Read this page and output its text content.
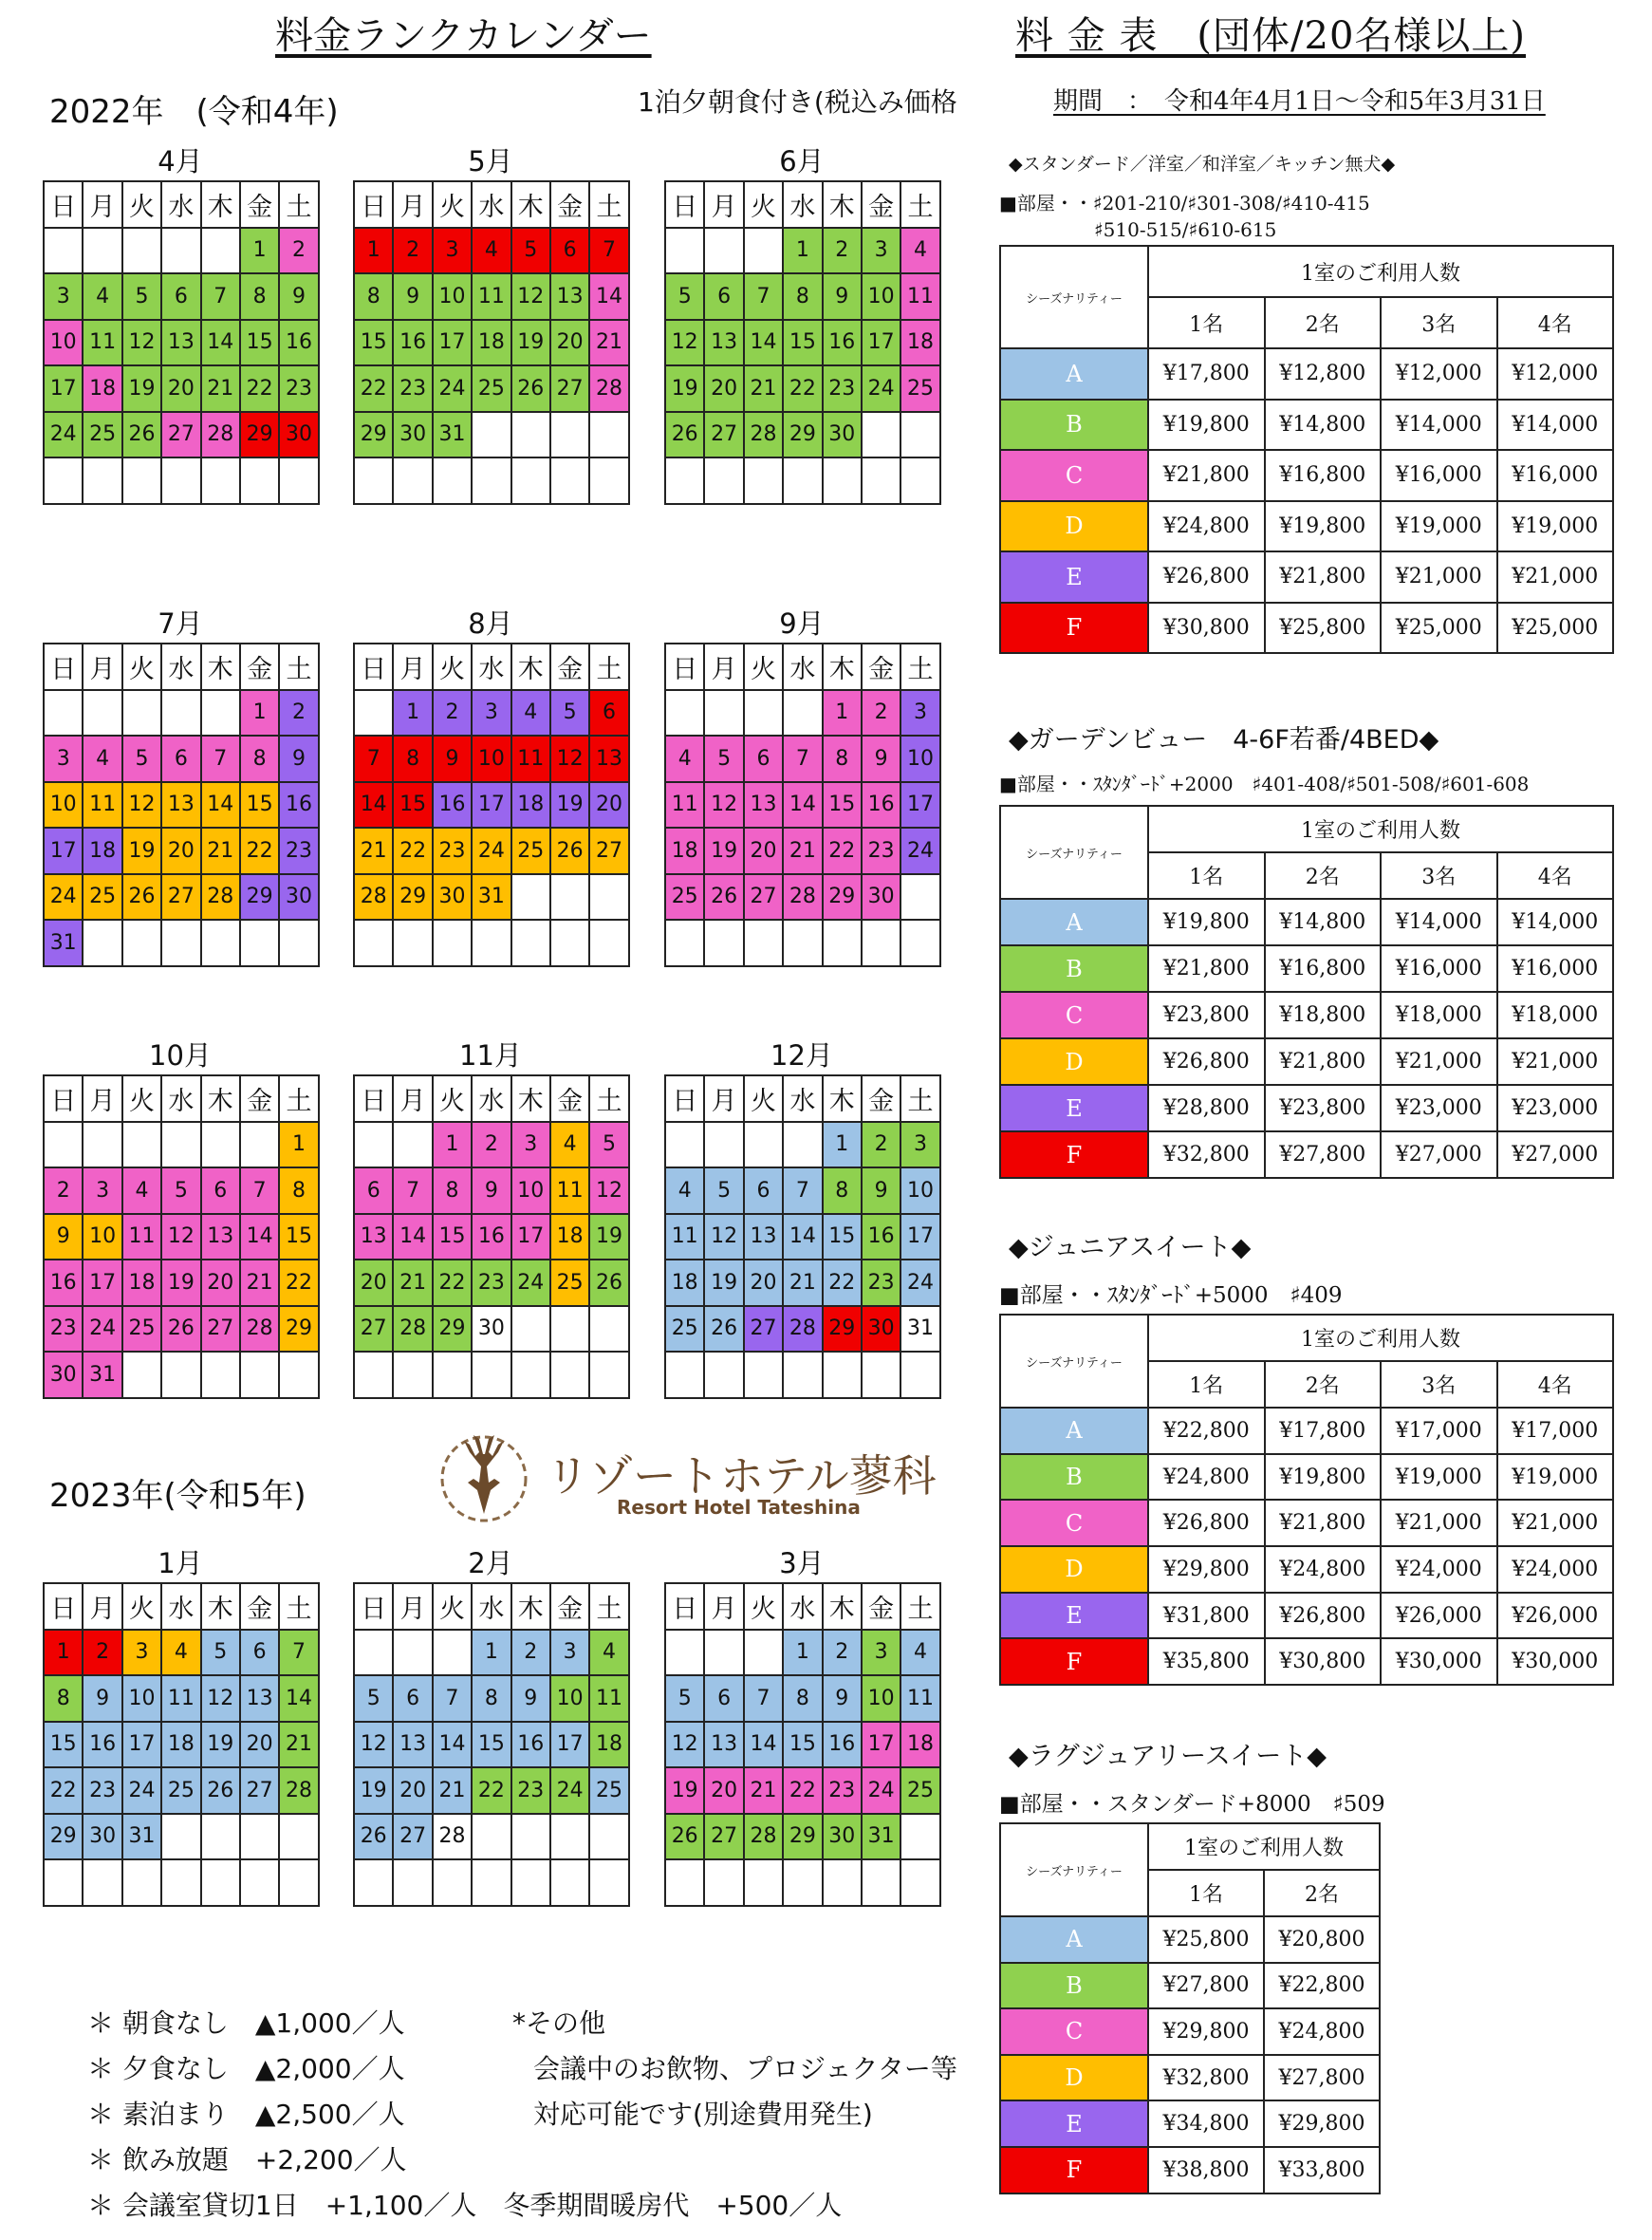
料金ランクカレンダー	料 金 表　(団体/20名様以上)
2022年　(令和4年)	1泊夕朝食付き(税込み価格	期間　：　令和4年4月1日～令和5年3月31日
2023年(令和5年)
4月
日	月	火	水	木	金	土
					1	2
3	4	5	6	7	8	9
10	11	12	13	14	15	16
17	18	19	20	21	22	23
24	25	26	27	28	29	30

5月
日	月	火	水	木	金	土
1	2	3	4	5	6	7
8	9	10	11	12	13	14
15	16	17	18	19	20	21
22	23	24	25	26	27	28
29	30	31				

6月
日	月	火	水	木	金	土
			1	2	3	4
5	6	7	8	9	10	11
12	13	14	15	16	17	18
19	20	21	22	23	24	25
26	27	28	29	30		

7月
日	月	火	水	木	金	土
					1	2
3	4	5	6	7	8	9
10	11	12	13	14	15	16
17	18	19	20	21	22	23
24	25	26	27	28	29	30
31						
8月
日	月	火	水	木	金	土
	1	2	3	4	5	6
7	8	9	10	11	12	13
14	15	16	17	18	19	20
21	22	23	24	25	26	27
28	29	30	31			

9月
日	月	火	水	木	金	土
				1	2	3
4	5	6	7	8	9	10
11	12	13	14	15	16	17
18	19	20	21	22	23	24
25	26	27	28	29	30	

10月
日	月	火	水	木	金	土
						1
2	3	4	5	6	7	8
9	10	11	12	13	14	15
16	17	18	19	20	21	22
23	24	25	26	27	28	29
30	31					
11月
日	月	火	水	木	金	土
		1	2	3	4	5
6	7	8	9	10	11	12
13	14	15	16	17	18	19
20	21	22	23	24	25	26
27	28	29	30			

12月
日	月	火	水	木	金	土
				1	2	3
4	5	6	7	8	9	10
11	12	13	14	15	16	17
18	19	20	21	22	23	24
25	26	27	28	29	30	31

1月
日	月	火	水	木	金	土
1	2	3	4	5	6	7
8	9	10	11	12	13	14
15	16	17	18	19	20	21
22	23	24	25	26	27	28
29	30	31				

2月
日	月	火	水	木	金	土
			1	2	3	4
5	6	7	8	9	10	11
12	13	14	15	16	17	18
19	20	21	22	23	24	25
26	27	28				

3月
日	月	火	水	木	金	土
			1	2	3	4
5	6	7	8	9	10	11
12	13	14	15	16	17	18
19	20	21	22	23	24	25
26	27	28	29	30	31	

リゾートホテル蓼科
Resort Hotel Tateshina
◆スタンダード／洋室／和洋室／キッチン無犬◆
■部屋・・♯201-210/♯301-308/♯410-415
　　　　　♯510-515/♯610-615
シーズナリティー	1室のご利用人数			
	1名	2名	3名	4名
A	¥17,800	¥12,800	¥12,000	¥12,000
B	¥19,800	¥14,800	¥14,000	¥14,000
C	¥21,800	¥16,800	¥16,000	¥16,000
D	¥24,800	¥19,800	¥19,000	¥19,000
E	¥26,800	¥21,800	¥21,000	¥21,000
F	¥30,800	¥25,800	¥25,000	¥25,000
◆ガーデンビュー　4-6F若番/4BED◆
■部屋・・ｽﾀﾝﾀﾞｰﾄﾞ+2000　♯401-408/♯501-508/♯601-608
シーズナリティー	1室のご利用人数			
	1名	2名	3名	4名
A	¥19,800	¥14,800	¥14,000	¥14,000
B	¥21,800	¥16,800	¥16,000	¥16,000
C	¥23,800	¥18,800	¥18,000	¥18,000
D	¥26,800	¥21,800	¥21,000	¥21,000
E	¥28,800	¥23,800	¥23,000	¥23,000
F	¥32,800	¥27,800	¥27,000	¥27,000
◆ジュニアスイート◆
■部屋・・ｽﾀﾝﾀﾞｰﾄﾞ+5000　♯409
シーズナリティー	1室のご利用人数			
	1名	2名	3名	4名
A	¥22,800	¥17,800	¥17,000	¥17,000
B	¥24,800	¥19,800	¥19,000	¥19,000
C	¥26,800	¥21,800	¥21,000	¥21,000
D	¥29,800	¥24,800	¥24,000	¥24,000
E	¥31,800	¥26,800	¥26,000	¥26,000
F	¥35,800	¥30,800	¥30,000	¥30,000
◆ラグジュアリースイート◆
■部屋・・スタンダード+8000　♯509
シーズナリティー	1室のご利用人数	
	1名	2名
A	¥25,800	¥20,800
B	¥27,800	¥22,800
C	¥29,800	¥24,800
D	¥32,800	¥27,800
E	¥34,800	¥29,800
F	¥38,800	¥33,800
＊ 朝食なし　▲1,000／人
＊ 夕食なし　▲2,000／人
＊ 素泊まり　▲2,500／人
＊ 飲み放題　+2,200／人
＊ 会議室貸切1日　+1,100／人　冬季期間暖房代　+500／人
*その他
会議中のお飲物、プロジェクター等
対応可能です(別途費用発生)
